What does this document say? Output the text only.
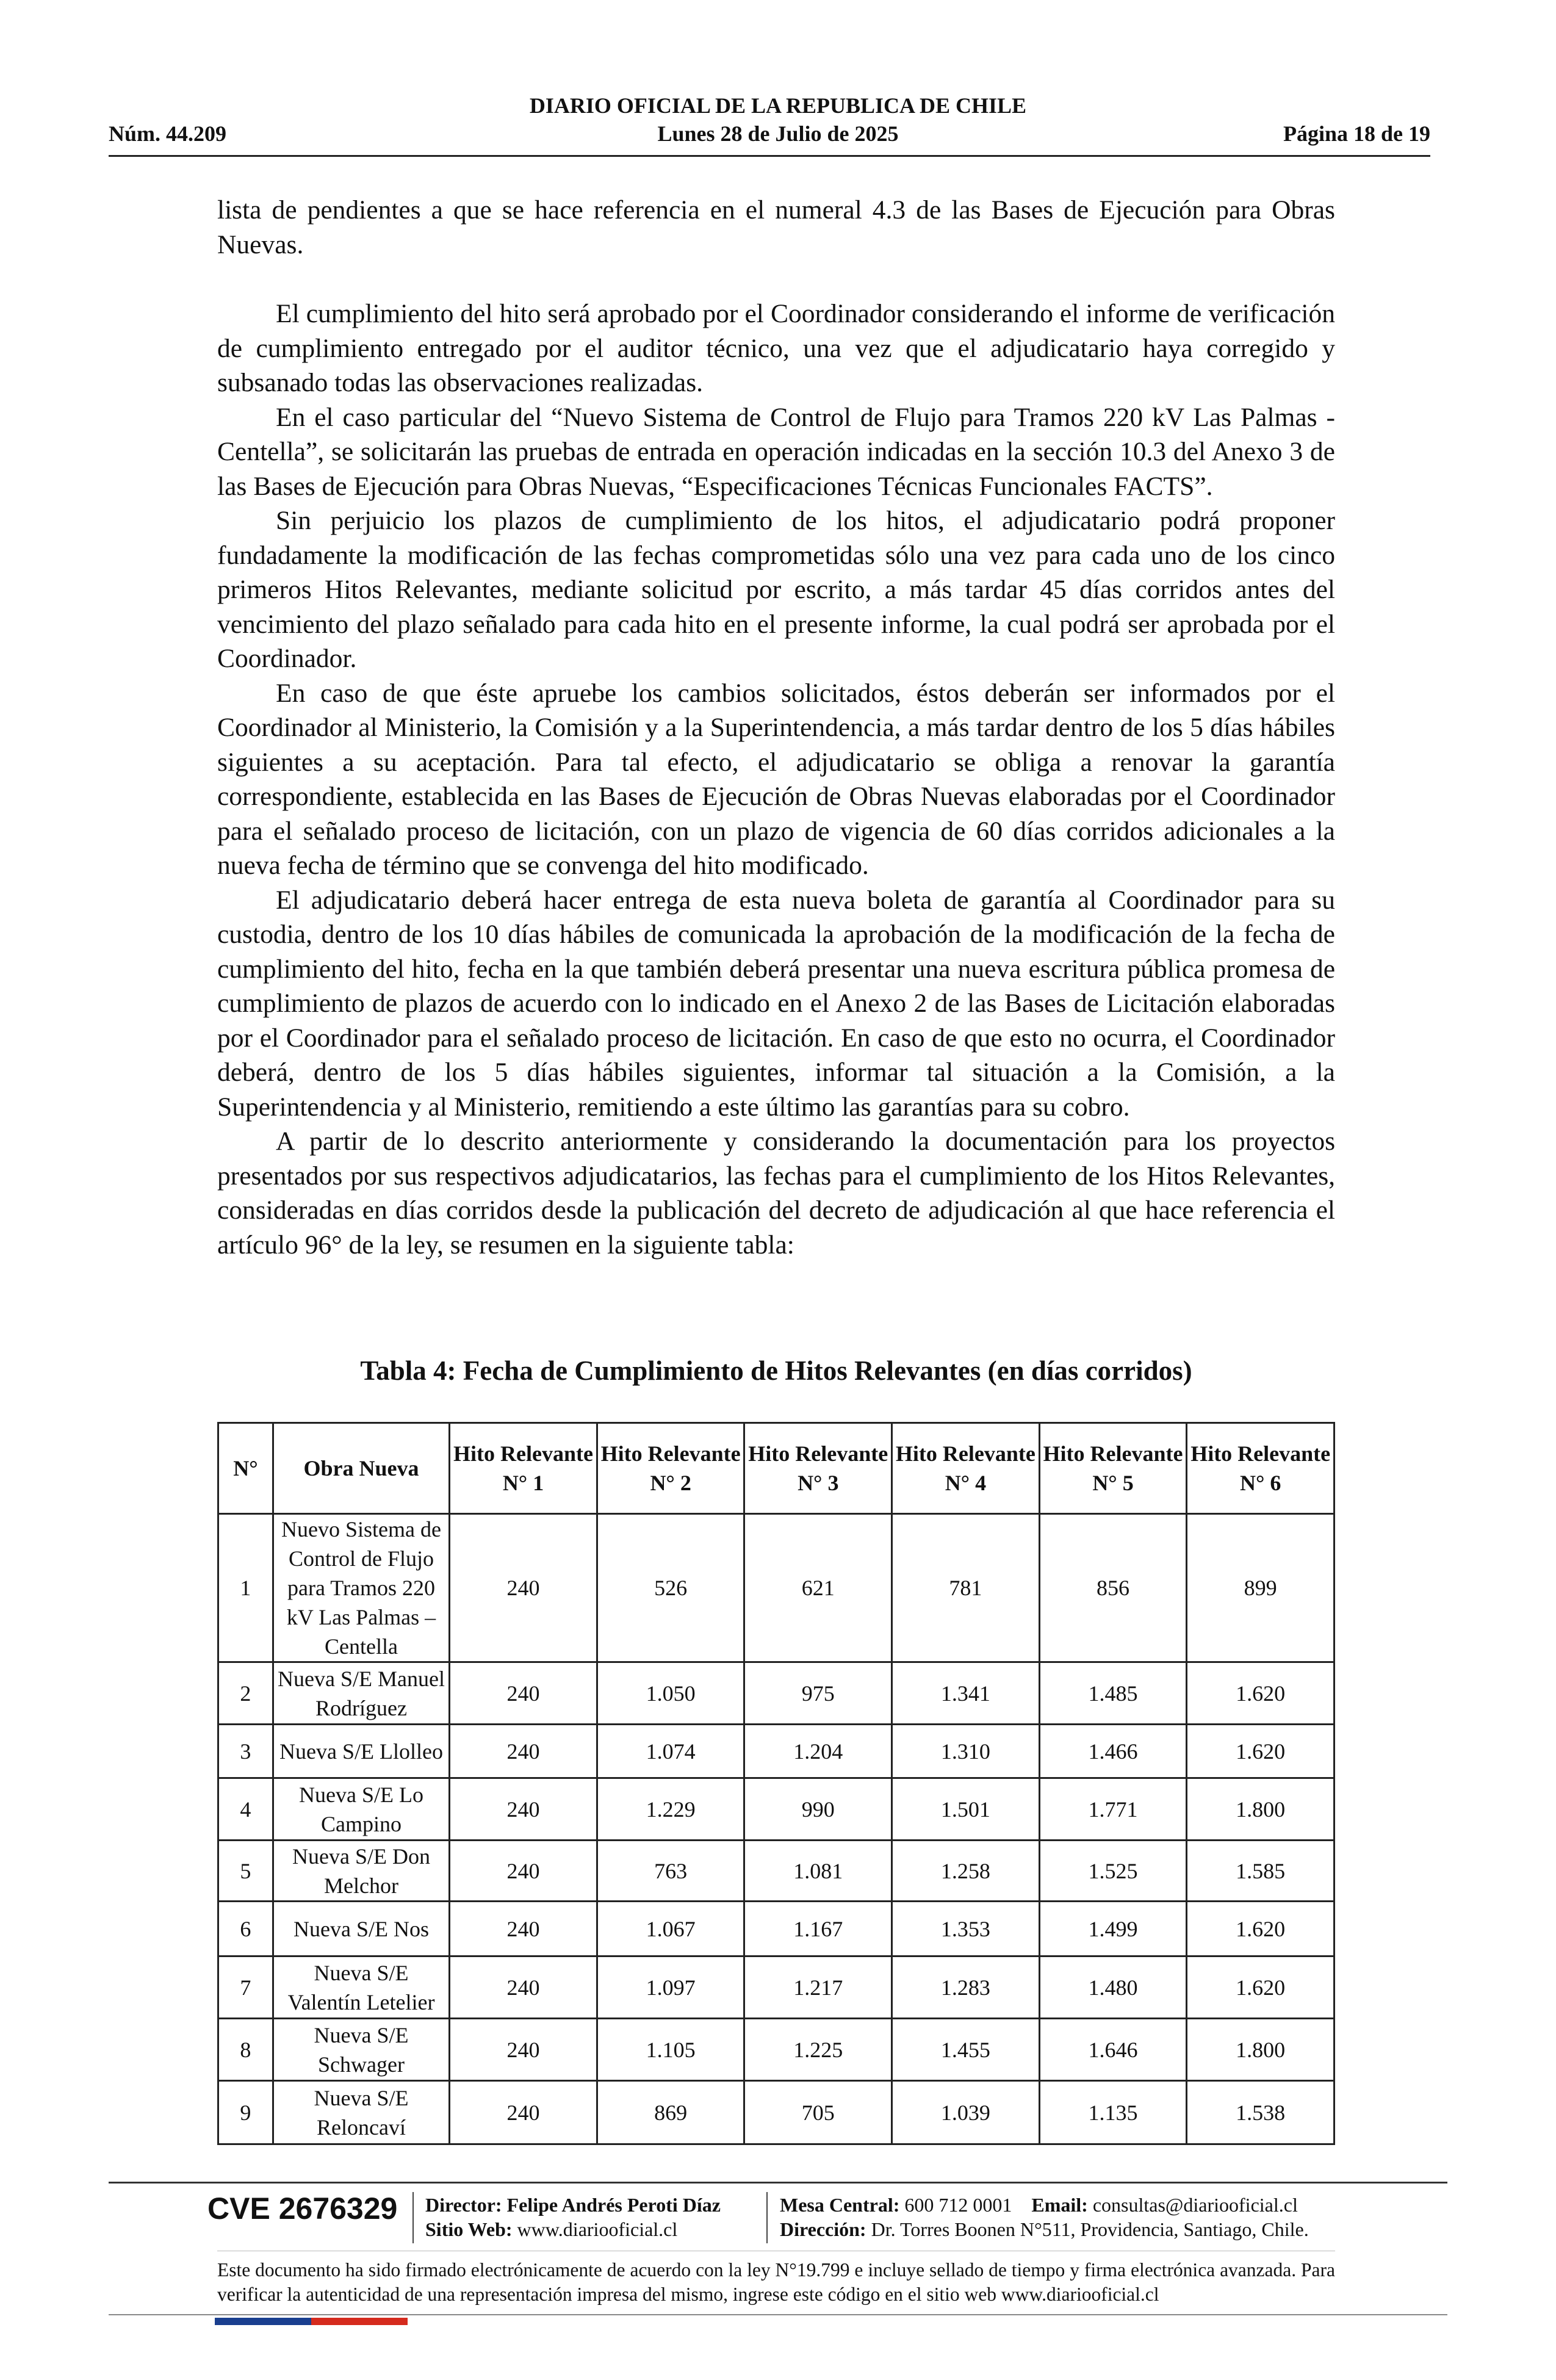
DIARIO OFICIAL DE LA REPUBLICA DE CHILE
Núm. 44.209	Lunes 28 de Julio de 2025	Página 18 de 19

lista de pendientes a que se hace referencia en el numeral 4.3 de las Bases de Ejecución para Obras Nuevas.

El cumplimiento del hito será aprobado por el Coordinador considerando el informe de verificación de cumplimiento entregado por el auditor técnico, una vez que el adjudicatario haya corregido y subsanado todas las observaciones realizadas.

En el caso particular del “Nuevo Sistema de Control de Flujo para Tramos 220 kV Las Palmas - Centella”, se solicitarán las pruebas de entrada en operación indicadas en la sección 10.3 del Anexo 3 de las Bases de Ejecución para Obras Nuevas, “Especificaciones Técnicas Funcionales FACTS”.

Sin perjuicio los plazos de cumplimiento de los hitos, el adjudicatario podrá proponer fundadamente la modificación de las fechas comprometidas sólo una vez para cada uno de los cinco primeros Hitos Relevantes, mediante solicitud por escrito, a más tardar 45 días corridos antes del vencimiento del plazo señalado para cada hito en el presente informe, la cual podrá ser aprobada por el Coordinador.

En caso de que éste apruebe los cambios solicitados, éstos deberán ser informados por el Coordinador al Ministerio, la Comisión y a la Superintendencia, a más tardar dentro de los 5 días hábiles siguientes a su aceptación. Para tal efecto, el adjudicatario se obliga a renovar la garantía correspondiente, establecida en las Bases de Ejecución de Obras Nuevas elaboradas por el Coordinador para el señalado proceso de licitación, con un plazo de vigencia de 60 días corridos adicionales a la nueva fecha de término que se convenga del hito modificado.

El adjudicatario deberá hacer entrega de esta nueva boleta de garantía al Coordinador para su custodia, dentro de los 10 días hábiles de comunicada la aprobación de la modificación de la fecha de cumplimiento del hito, fecha en la que también deberá presentar una nueva escritura pública promesa de cumplimiento de plazos de acuerdo con lo indicado en el Anexo 2 de las Bases de Licitación elaboradas por el Coordinador para el señalado proceso de licitación. En caso de que esto no ocurra, el Coordinador deberá, dentro de los 5 días hábiles siguientes, informar tal situación a la Comisión, a la Superintendencia y al Ministerio, remitiendo a este último las garantías para su cobro.

A partir de lo descrito anteriormente y considerando la documentación para los proyectos presentados por sus respectivos adjudicatarios, las fechas para el cumplimiento de los Hitos Relevantes, consideradas en días corridos desde la publicación del decreto de adjudicación al que hace referencia el artículo 96° de la ley, se resumen en la siguiente tabla:

Tabla 4: Fecha de Cumplimiento de Hitos Relevantes (en días corridos)
N°	Obra Nueva	Hito Relevante N° 1	Hito Relevante N° 2	Hito Relevante N° 3	Hito Relevante N° 4	Hito Relevante N° 5	Hito Relevante N° 6
1	Nuevo Sistema de Control de Flujo para Tramos 220 kV Las Palmas – Centella	240	526	621	781	856	899
2	Nueva S/E Manuel Rodríguez	240	1.050	975	1.341	1.485	1.620
3	Nueva S/E Llolleo	240	1.074	1.204	1.310	1.466	1.620
4	Nueva S/E Lo Campino	240	1.229	990	1.501	1.771	1.800
5	Nueva S/E Don Melchor	240	763	1.081	1.258	1.525	1.585
6	Nueva S/E Nos	240	1.067	1.167	1.353	1.499	1.620
7	Nueva S/E Valentín Letelier	240	1.097	1.217	1.283	1.480	1.620
8	Nueva S/E Schwager	240	1.105	1.225	1.455	1.646	1.800
9	Nueva S/E Reloncaví	240	869	705	1.039	1.135	1.538
CVE 2676329 Director: Felipe Andrés Peroti Díaz
Sitio Web: www.diariooficial.cl
Mesa Central: 600 712 0001 Email: consultas@diariooficial.cl
Dirección: Dr. Torres Boonen N°511, Providencia, Santiago, Chile.
Este documento ha sido firmado electrónicamente de acuerdo con la ley N°19.799 e incluye sellado de tiempo y firma electrónica avanzada. Para verificar la autenticidad de una representación impresa del mismo, ingrese este código en el sitio web www.diariooficial.cl
